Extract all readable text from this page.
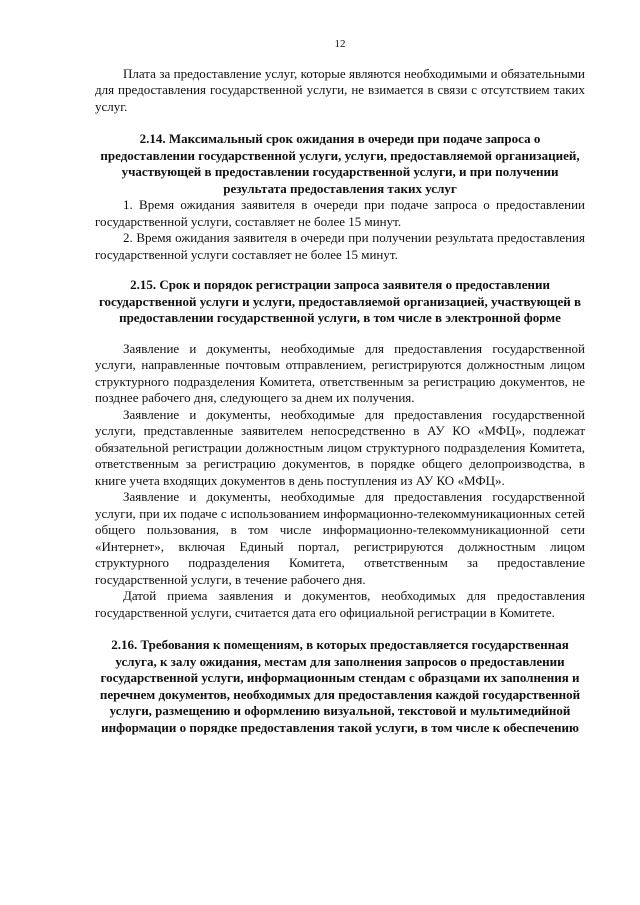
12

Плата за предоставление услуг, которые являются необходимыми и обязательными для предоставления государственной услуги, не взимается в связи с отсутствием таких услуг.

2.14. Максимальный срок ожидания в очереди при подаче запроса о предоставлении государственной услуги, услуги, предоставляемой организацией, участвующей в предоставлении государственной услуги, и при получении результата предоставления таких услуг

1. Время ожидания заявителя в очереди при подаче запроса о предоставлении государственной услуги, составляет не более 15 минут.

2. Время ожидания заявителя в очереди при получении результата предоставления государственной услуги составляет не более 15 минут.

2.15. Срок и порядок регистрации запроса заявителя о предоставлении государственной услуги и услуги, предоставляемой организацией, участвующей в предоставлении государственной услуги, в том числе в электронной форме

Заявление и документы, необходимые для предоставления государственной услуги, направленные почтовым отправлением, регистрируются должностным лицом структурного подразделения Комитета, ответственным за регистрацию документов, не позднее рабочего дня, следующего за днем их получения.

Заявление и документы, необходимые для предоставления государственной услуги, представленные заявителем непосредственно в АУ КО «МФЦ», подлежат обязательной регистрации должностным лицом структурного подразделения Комитета, ответственным за регистрацию документов, в порядке общего делопроизводства, в книге учета входящих документов в день поступления из АУ КО «МФЦ».

Заявление и документы, необходимые для предоставления государственной услуги, при их подаче с использованием информационно-телекоммуникационных сетей общего пользования, в том числе информационно-телекоммуникационной сети «Интернет», включая Единый портал, регистрируются должностным лицом структурного подразделения Комитета, ответственным за предоставление государственной услуги, в течение рабочего дня.

Датой приема заявления и документов, необходимых для предоставления государственной услуги, считается дата его официальной регистрации в Комитете.

2.16. Требования к помещениям, в которых предоставляется государственная услуга, к залу ожидания, местам для заполнения запросов о предоставлении государственной услуги, информационным стендам с образцами их заполнения и перечнем документов, необходимых для предоставления каждой государственной услуги, размещению и оформлению визуальной, текстовой и мультимедийной информации о порядке предоставления такой услуги, в том числе к обеспечению
